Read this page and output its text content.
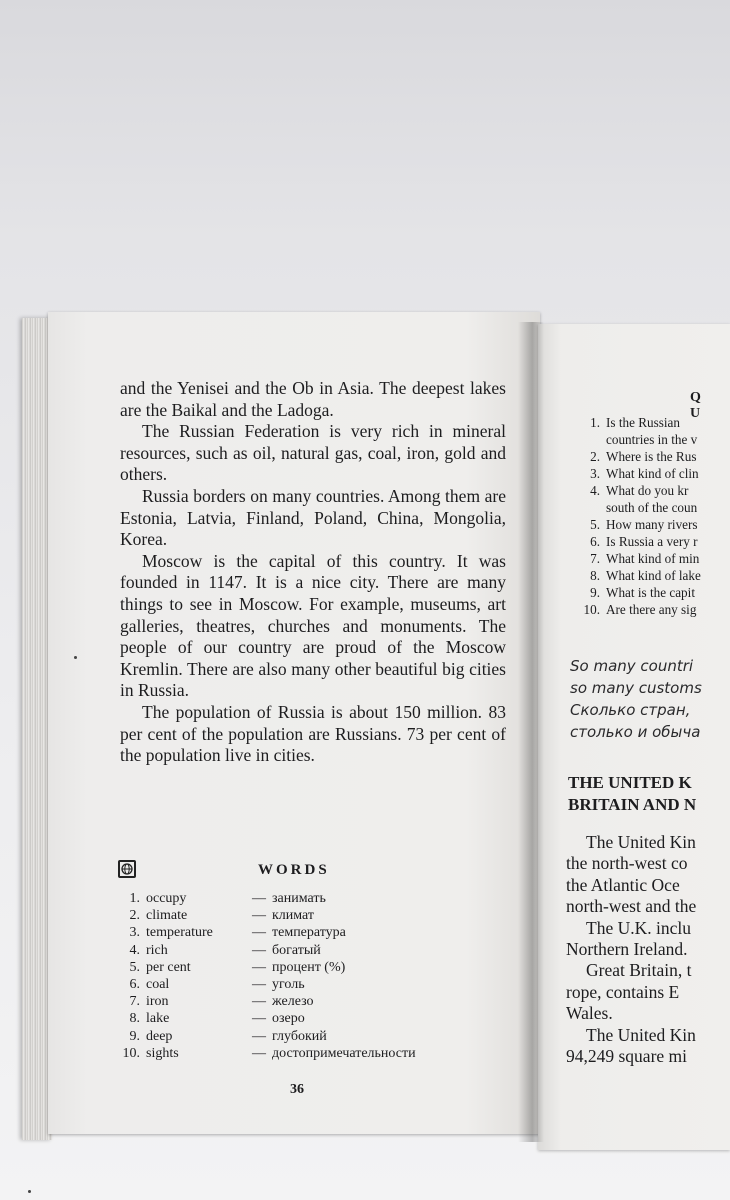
and the Yenisei and the Ob in Asia. The deepest lakes are the Baikal and the Ladoga.

The Russian Federation is very rich in mineral resources, such as oil, natural gas, coal, iron, gold and others.

Russia borders on many countries. Among them are Estonia, Latvia, Finland, Poland, China, Mongolia, Korea.

Moscow is the capital of this country. It was founded in 1147. It is a nice city. There are many things to see in Moscow. For example, museums, art galleries, theatres, churches and monuments. The people of our country are proud of the Moscow Kremlin. There are also many other beautiful big cities in Russia.

The population of Russia is about 150 million. 83 per cent of the population are Russians. 73 per cent of the population live in cities.

WORDS
1. occupy	— занимать
2. climate	— климат
3. temperature	— температура
4. rich	— богатый
5. per cent	— процент (%)
6. coal	— уголь
7. iron	— железо
8. lake	— озеро
9. deep	— глубокий
10. sights	— достопримечательности
36
Q U
1. Is the Russian
countries in the v
2. Where is the Rus
3. What kind of clin
4. What do you kr
south of the coun
5. How many rivers
6. Is Russia a very r
7. What kind of min
8. What kind of lake
9. What is the capit
10. Are there any sig
So many countri
so many customs
Сколько стран,
столько и обыча
THE UNITED K
BRITAIN AND N
The United Kin
the north-west co
the Atlantic Oce
north-west and the
The U.K. inclu
Northern Ireland.
Great Britain, t
rope, contains E
Wales.
The United Kin
94,249 square mi
